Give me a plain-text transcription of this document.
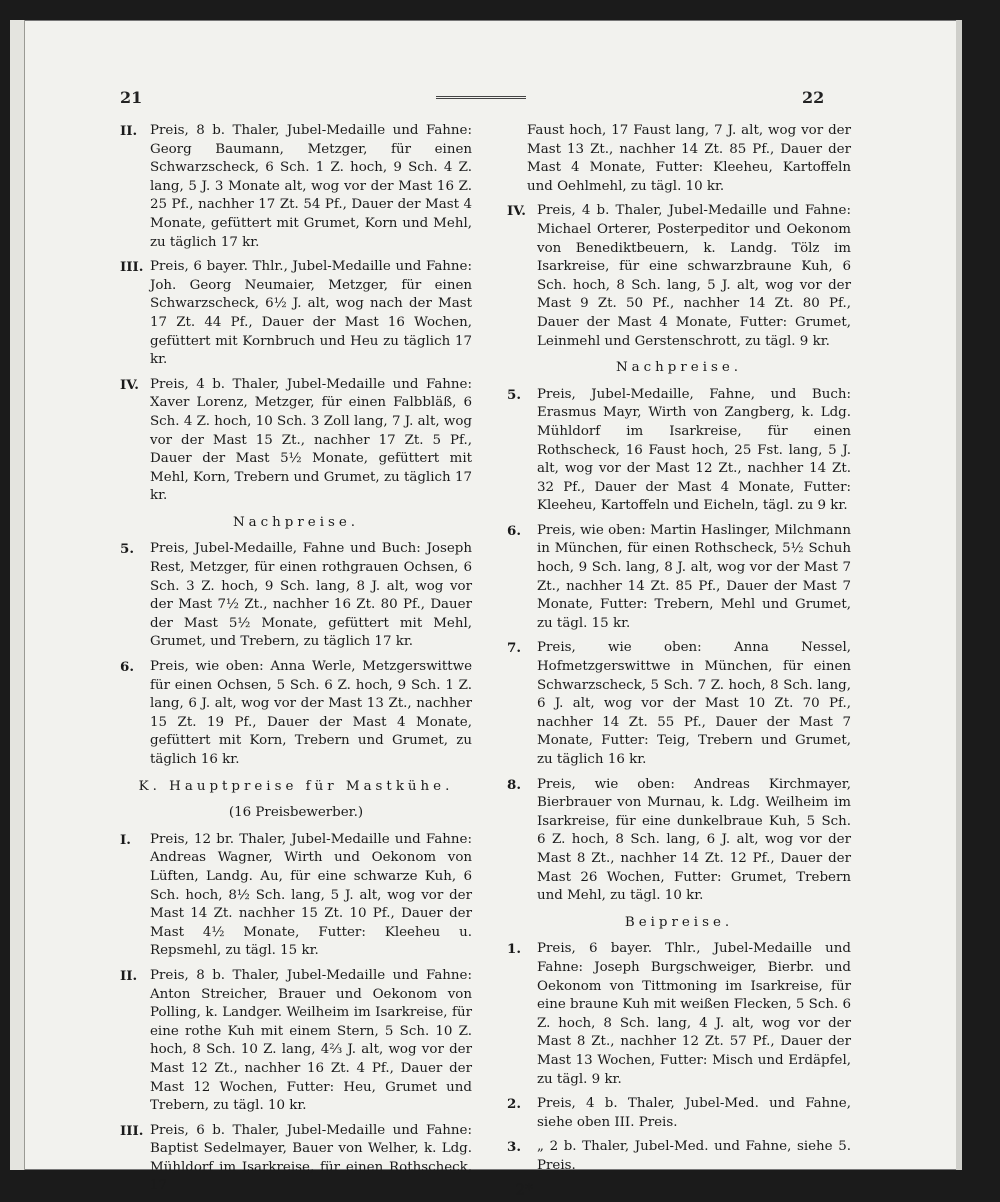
21	22
II. Preis, 8 b. Thaler, Jubel-Medaille und Fahne: Georg Baumann, Metzger, für einen Schwarzscheck, 6 Sch. 1 Z. hoch, 9 Sch. 4 Z. lang, 5 J. 3 Monate alt, wog vor der Mast 16 Z. 25 Pf., nachher 17 Zt. 54 Pf., Dauer der Mast 4 Monate, gefüttert mit Grumet, Korn und Mehl, zu täglich 17 kr.
III. Preis, 6 bayer. Thlr., Jubel-Medaille und Fahne: Joh. Georg Neumaier, Metzger, für einen Schwarzscheck, 6½ J. alt, wog nach der Mast 17 Zt. 44 Pf., Dauer der Mast 16 Wochen, gefüttert mit Kornbruch und Heu zu täglich 17 kr.
IV. Preis, 4 b. Thaler, Jubel-Medaille und Fahne: Xaver Lorenz, Metzger, für einen Falbbläß, 6 Sch. 4 Z. hoch, 10 Sch. 3 Zoll lang, 7 J. alt, wog vor der Mast 15 Zt., nachher 17 Zt. 5 Pf., Dauer der Mast 5½ Monate, gefüttert mit Mehl, Korn, Trebern und Grumet, zu täglich 17 kr.
Nachpreise.
5. Preis, Jubel-Medaille, Fahne und Buch: Joseph Rest, Metzger, für einen rothgrauen Ochsen, 6 Sch. 3 Z. hoch, 9 Sch. lang, 8 J. alt, wog vor der Mast 7½ Zt., nachher 16 Zt. 80 Pf., Dauer der Mast 5½ Monate, gefüttert mit Mehl, Grumet, und Trebern, zu täglich 17 kr.
6. Preis, wie oben: Anna Werle, Metzgerswittwe für einen Ochsen, 5 Sch. 6 Z. hoch, 9 Sch. 1 Z. lang, 6 J. alt, wog vor der Mast 13 Zt., nachher 15 Zt. 19 Pf., Dauer der Mast 4 Monate, gefüttert mit Korn, Trebern und Grumet, zu täglich 16 kr.
K. Hauptpreise für Mastkühe.
(16 Preisbewerber.)
I. Preis, 12 br. Thaler, Jubel-Medaille und Fahne: Andreas Wagner, Wirth und Oekonom von Lüften, Landg. Au, für eine schwarze Kuh, 6 Sch. hoch, 8½ Sch. lang, 5 J. alt, wog vor der Mast 14 Zt. nachher 15 Zt. 10 Pf., Dauer der Mast 4½ Monate, Futter: Kleeheu u. Repsmehl, zu tägl. 15 kr.
II. Preis, 8 b. Thaler, Jubel-Medaille und Fahne: Anton Streicher, Brauer und Oekonom von Polling, k. Landger. Weilheim im Isarkreise, für eine rothe Kuh mit einem Stern, 5 Sch. 10 Z. hoch, 8 Sch. 10 Z. lang, 4⅔ J. alt, wog vor der Mast 12 Zt., nachher 16 Zt. 4 Pf., Dauer der Mast 12 Wochen, Futter: Heu, Grumet und Trebern, zu tägl. 10 kr.
III. Preis, 6 b. Thaler, Jubel-Medaille und Fahne: Baptist Sedelmayer, Bauer von Welher, k. Ldg. Mühldorf im Isarkreise, für einen Rothscheck, 17
Faust hoch, 17 Faust lang, 7 J. alt, wog vor der Mast 13 Zt., nachher 14 Zt. 85 Pf., Dauer der Mast 4 Monate, Futter: Kleeheu, Kartoffeln und Oehlmehl, zu tägl. 10 kr.
IV. Preis, 4 b. Thaler, Jubel-Medaille und Fahne: Michael Orterer, Posterpeditor und Oekonom von Benediktbeuern, k. Landg. Tölz im Isarkreise, für eine schwarzbraune Kuh, 6 Sch. hoch, 8 Sch. lang, 5 J. alt, wog vor der Mast 9 Zt. 50 Pf., nachher 14 Zt. 80 Pf., Dauer der Mast 4 Monate, Futter: Grumet, Leinmehl und Gerstenschrott, zu tägl. 9 kr.
Nachpreise.
5. Preis, Jubel-Medaille, Fahne, und Buch: Erasmus Mayr, Wirth von Zangberg, k. Ldg. Mühldorf im Isarkreise, für einen Rothscheck, 16 Faust hoch, 25 Fst. lang, 5 J. alt, wog vor der Mast 12 Zt., nachher 14 Zt. 32 Pf., Dauer der Mast 4 Monate, Futter: Kleeheu, Kartoffeln und Eicheln, tägl. zu 9 kr.
6. Preis, wie oben: Martin Haslinger, Milchmann in München, für einen Rothscheck, 5½ Schuh hoch, 9 Sch. lang, 8 J. alt, wog vor der Mast 7 Zt., nachher 14 Zt. 85 Pf., Dauer der Mast 7 Monate, Futter: Trebern, Mehl und Grumet, zu tägl. 15 kr.
7. Preis, wie oben: Anna Nessel, Hofmetzgerswittwe in München, für einen Schwarzscheck, 5 Sch. 7 Z. hoch, 8 Sch. lang, 6 J. alt, wog vor der Mast 10 Zt. 70 Pf., nachher 14 Zt. 55 Pf., Dauer der Mast 7 Monate, Futter: Teig, Trebern und Grumet, zu täglich 16 kr.
8. Preis, wie oben: Andreas Kirchmayer, Bierbrauer von Murnau, k. Ldg. Weilheim im Isarkreise, für eine dunkelbraue Kuh, 5 Sch. 6 Z. hoch, 8 Sch. lang, 6 J. alt, wog vor der Mast 8 Zt., nachher 14 Zt. 12 Pf., Dauer der Mast 26 Wochen, Futter: Grumet, Trebern und Mehl, zu tägl. 10 kr.
Beipreise.
1. Preis, 6 bayer. Thlr., Jubel-Medaille und Fahne: Joseph Burgschweiger, Bierbr. und Oekonom von Tittmoning im Isarkreise, für eine braune Kuh mit weißen Flecken, 5 Sch. 6 Z. hoch, 8 Sch. lang, 4 J. alt, wog vor der Mast 8 Zt., nachher 12 Zt. 57 Pf., Dauer der Mast 13 Wochen, Futter: Misch und Erdäpfel, zu tägl. 9 kr.
2. Preis, 4 b. Thaler, Jubel-Med. und Fahne, siehe oben III. Preis.
3. „ 2 b. Thaler, Jubel-Med. und Fahne, siehe 5. Preis.
2*
